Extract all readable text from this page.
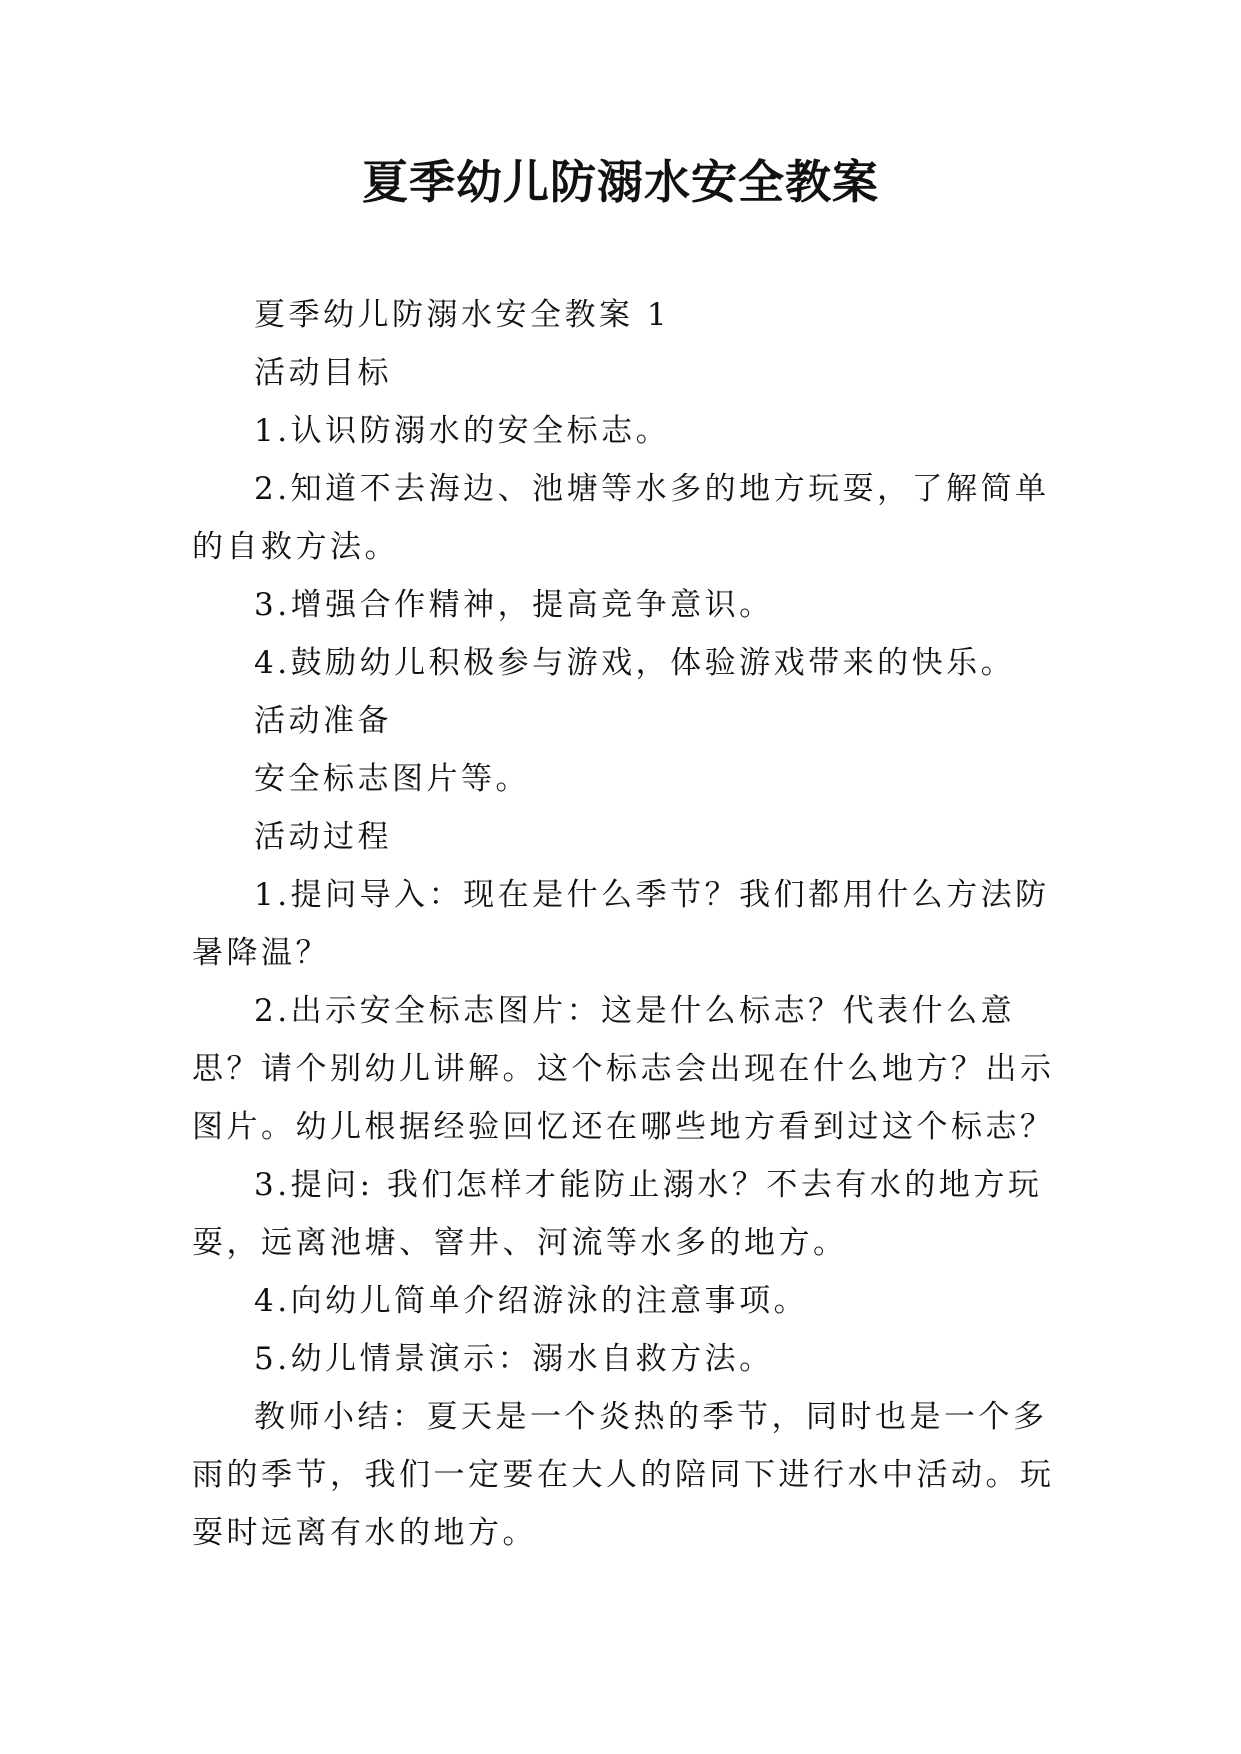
夏季幼儿防溺水安全教案

夏季幼儿防溺水安全教案 1

活动目标

1.认识防溺水的安全标志。

2.知道不去海边、池塘等水多的地方玩耍，了解简单的自救方法。

3.增强合作精神，提高竞争意识。

4.鼓励幼儿积极参与游戏，体验游戏带来的快乐。

活动准备

安全标志图片等。

活动过程

1.提问导入：现在是什么季节？我们都用什么方法防暑降温？

2.出示安全标志图片：这是什么标志？代表什么意思？请个别幼儿讲解。这个标志会出现在什么地方？出示图片。幼儿根据经验回忆还在哪些地方看到过这个标志？

3.提问: 我们怎样才能防止溺水？不去有水的地方玩耍，远离池塘、窨井、河流等水多的地方。

4.向幼儿简单介绍游泳的注意事项。

5.幼儿情景演示：溺水自救方法。

教师小结：夏天是一个炎热的季节，同时也是一个多雨的季节，我们一定要在大人的陪同下进行水中活动。玩耍时远离有水的地方。
